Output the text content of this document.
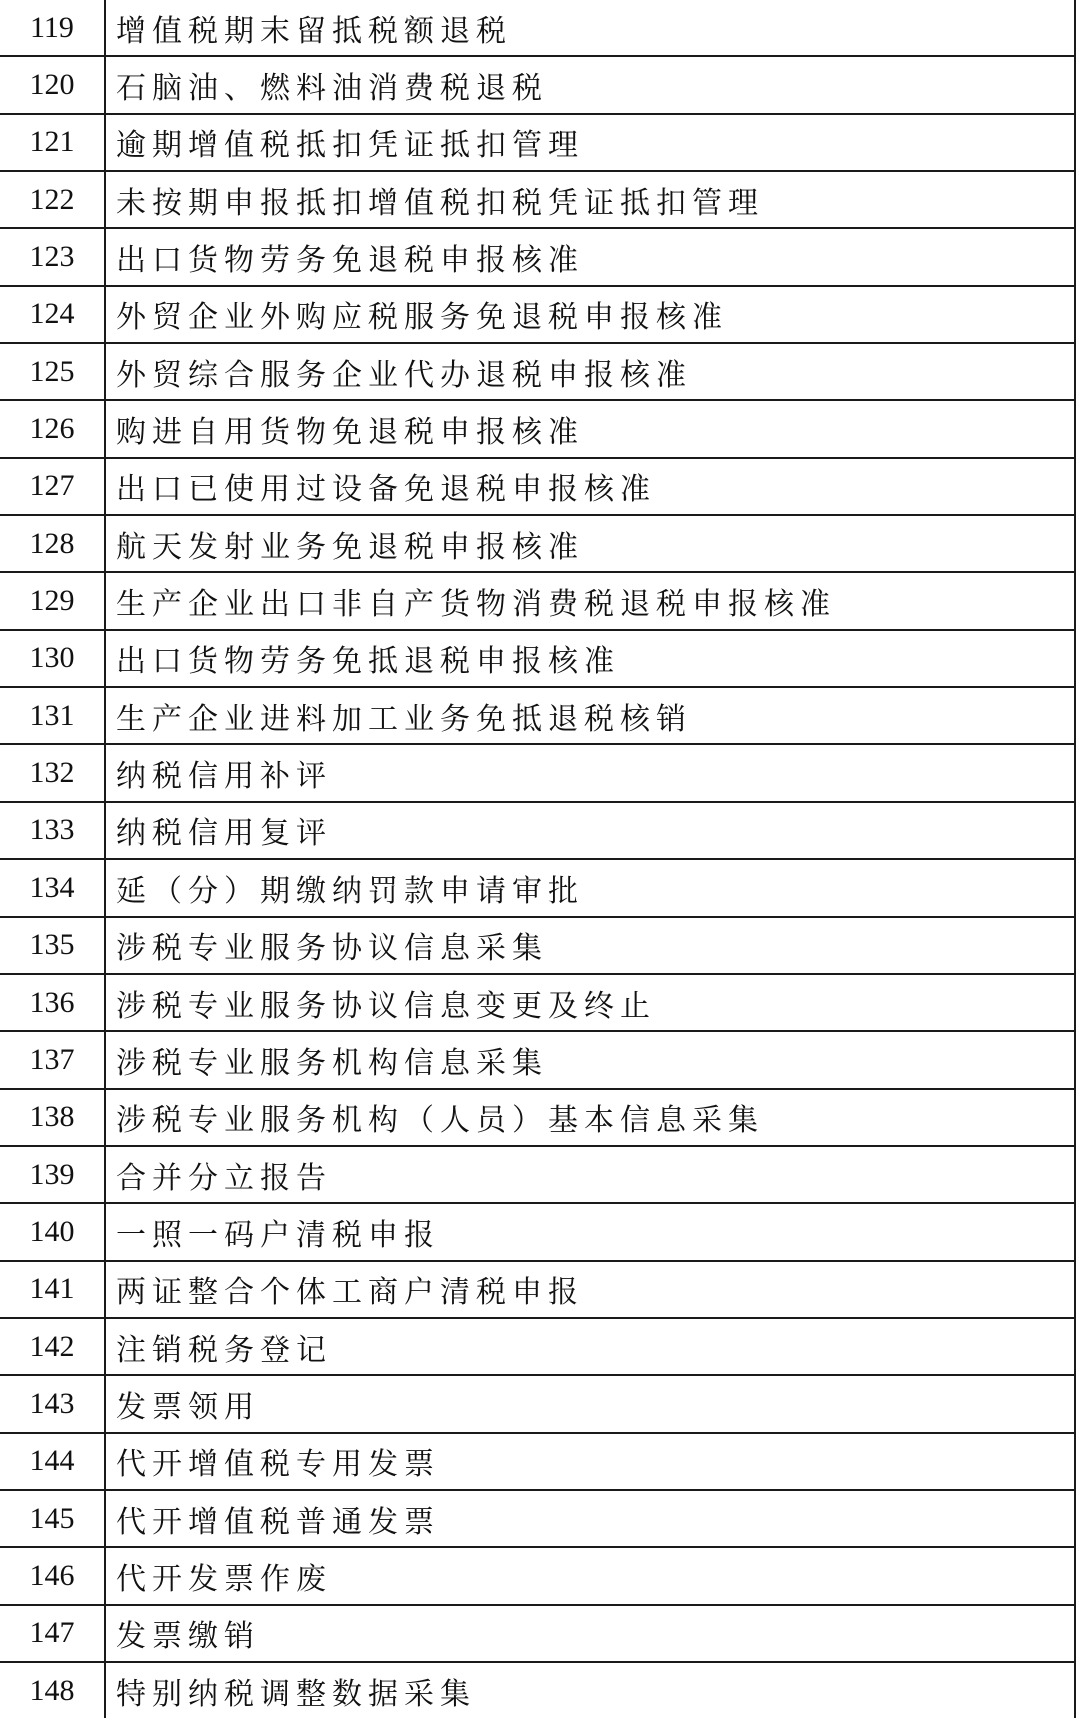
119	增值税期末留抵税额退税
120	石脑油、燃料油消费税退税
121	逾期增值税抵扣凭证抵扣管理
122	未按期申报抵扣增值税扣税凭证抵扣管理
123	出口货物劳务免退税申报核准
124	外贸企业外购应税服务免退税申报核准
125	外贸综合服务企业代办退税申报核准
126	购进自用货物免退税申报核准
127	出口已使用过设备免退税申报核准
128	航天发射业务免退税申报核准
129	生产企业出口非自产货物消费税退税申报核准
130	出口货物劳务免抵退税申报核准
131	生产企业进料加工业务免抵退税核销
132	纳税信用补评
133	纳税信用复评
134	延（分）期缴纳罚款申请审批
135	涉税专业服务协议信息采集
136	涉税专业服务协议信息变更及终止
137	涉税专业服务机构信息采集
138	涉税专业服务机构（人员）基本信息采集
139	合并分立报告
140	一照一码户清税申报
141	两证整合个体工商户清税申报
142	注销税务登记
143	发票领用
144	代开增值税专用发票
145	代开增值税普通发票
146	代开发票作废
147	发票缴销
148	特别纳税调整数据采集
